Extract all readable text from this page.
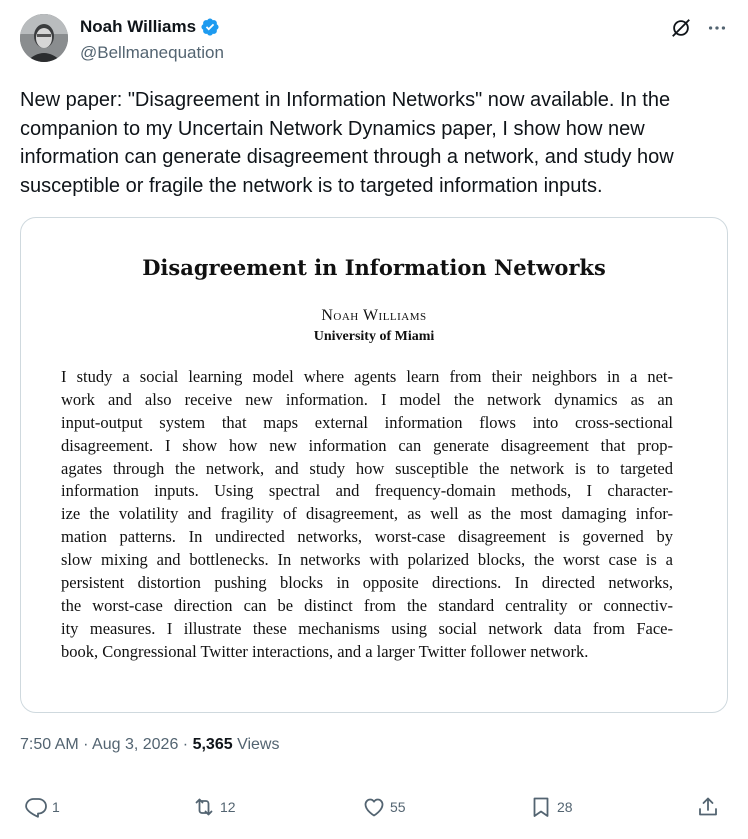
Noah Williams
@Bellmanequation
New paper: "Disagreement in Information Networks" now available. In the companion to my Uncertain Network Dynamics paper, I show how new information can generate disagreement through a network, and study how susceptible or fragile the network is to targeted information inputs.
Disagreement in Information Networks
Noah Williams
University of Miami
I study a social learning model where agents learn from their neighbors in a net-
work and also receive new information. I model the network dynamics as an
input-output system that maps external information flows into cross-sectional
disagreement. I show how new information can generate disagreement that prop-
agates through the network, and study how susceptible the network is to targeted
information inputs. Using spectral and frequency-domain methods, I character-
ize the volatility and fragility of disagreement, as well as the most damaging infor-
mation patterns. In undirected networks, worst-case disagreement is governed by
slow mixing and bottlenecks. In networks with polarized blocks, the worst case is a
persistent distortion pushing blocks in opposite directions. In directed networks,
the worst-case direction can be distinct from the standard centrality or connectiv-
ity measures. I illustrate these mechanisms using social network data from Face-
book, Congressional Twitter interactions, and a larger Twitter follower network.
7:50 AM · Aug 3, 2026 · 5,365 Views
1	12	55	28
